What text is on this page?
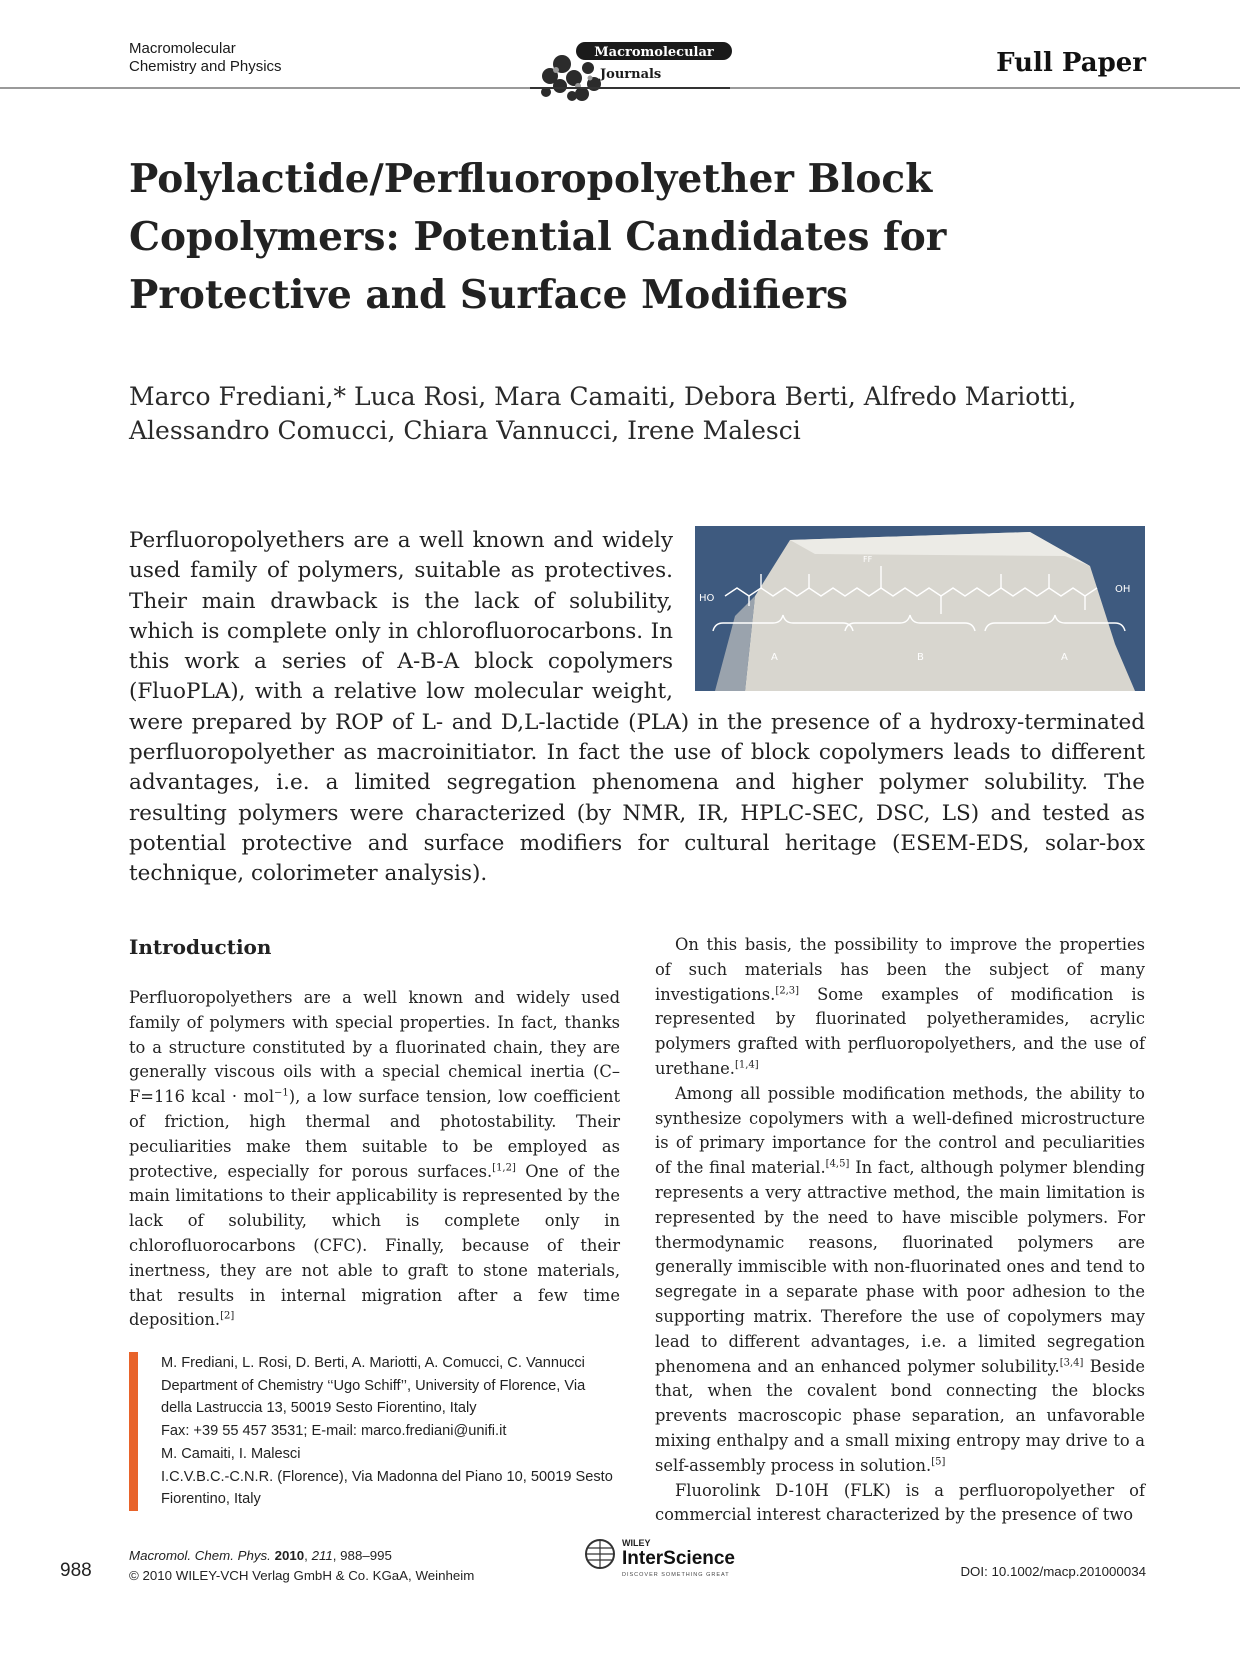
Macromolecular
Chemistry and Physics
Macromolecular
Journals	Full Paper
Polylactide/Perfluoropolyether Block Copolymers: Potential Candidates for Protective and Surface Modifiers
Marco Frediani,* Luca Rosi, Mara Camaiti, Debora Berti, Alfredo Mariotti,
Alessandro Comucci, Chiara Vannucci, Irene Malesci
HO
OH
FF
A	B	A
Perfluoropolyethers are a well known and widely used family of polymers, suitable as protectives. Their main drawback is the lack of solubility, which is complete only in chlorofluorocarbons. In this work a series of A-B-A block copolymers (FluoPLA), with a relative low molecular weight, were prepared by ROP of L- and D,L-lactide (PLA) in the presence of a hydroxy-terminated perfluoropolyether as macroinitiator. In fact the use of block copolymers leads to different advantages, i.e. a limited segregation phenomena and higher polymer solubility. The resulting polymers were characterized (by NMR, IR, HPLC-SEC, DSC, LS) and tested as potential protective and surface modifiers for cultural heritage (ESEM-EDS, solar-box technique, colorimeter analysis).
Introduction

Perfluoropolyethers are a well known and widely used family of polymers with special properties. In fact, thanks to a structure constituted by a fluorinated chain, they are generally viscous oils with a special chemical inertia (C–F=116 kcal · mol$^{-1}$), a low surface tension, low coefficient of friction, high thermal and photostability. Their peculiarities make them suitable to be employed as protective, especially for porous surfaces.[1,2] One of the main limitations to their applicability is represented by the lack of solubility, which is complete only in chlorofluorocarbons (CFC). Finally, because of their inertness, they are not able to graft to stone materials, that results in internal migration after a few time deposition.[2]

On this basis, the possibility to improve the properties of such materials has been the subject of many investigations.[2,3] Some examples of modification is represented by fluorinated polyetheramides, acrylic polymers grafted with perfluoropolyethers, and the use of urethane.[1,4]

Among all possible modification methods, the ability to synthesize copolymers with a well-defined microstructure is of primary importance for the control and peculiarities of the final material.[4,5] In fact, although polymer blending represents a very attractive method, the main limitation is represented by the need to have miscible polymers. For thermodynamic reasons, fluorinated polymers are generally immiscible with non-fluorinated ones and tend to segregate in a separate phase with poor adhesion to the supporting matrix. Therefore the use of copolymers may lead to different advantages, i.e. a limited segregation phenomena and an enhanced polymer solubility.[3,4] Beside that, when the covalent bond connecting the blocks prevents macroscopic phase separation, an unfavorable mixing enthalpy and a small mixing entropy may drive to a self-assembly process in solution.[5]

Fluorolink D-10H (FLK) is a perfluoropolyether of commercial interest characterized by the presence of two

M. Frediani, L. Rosi, D. Berti, A. Mariotti, A. Comucci, C. Vannucci
Department of Chemistry ‘‘Ugo Schiff’’, University of Florence, Via
della Lastruccia 13, 50019 Sesto Fiorentino, Italy
Fax: +39 55 457 3531; E-mail: marco.frediani@unifi.it
M. Camaiti, I. Malesci
I.C.V.B.C.-C.N.R. (Florence), Via Madonna del Piano 10, 50019 Sesto
Fiorentino, Italy
988
Macromol. Chem. Phys. 2010, 211, 988–995
© 2010 WILEY-VCH Verlag GmbH & Co. KGaA, Weinheim
WILEY
InterScience
DISCOVER SOMETHING GREAT	DOI: 10.1002/macp.201000034
